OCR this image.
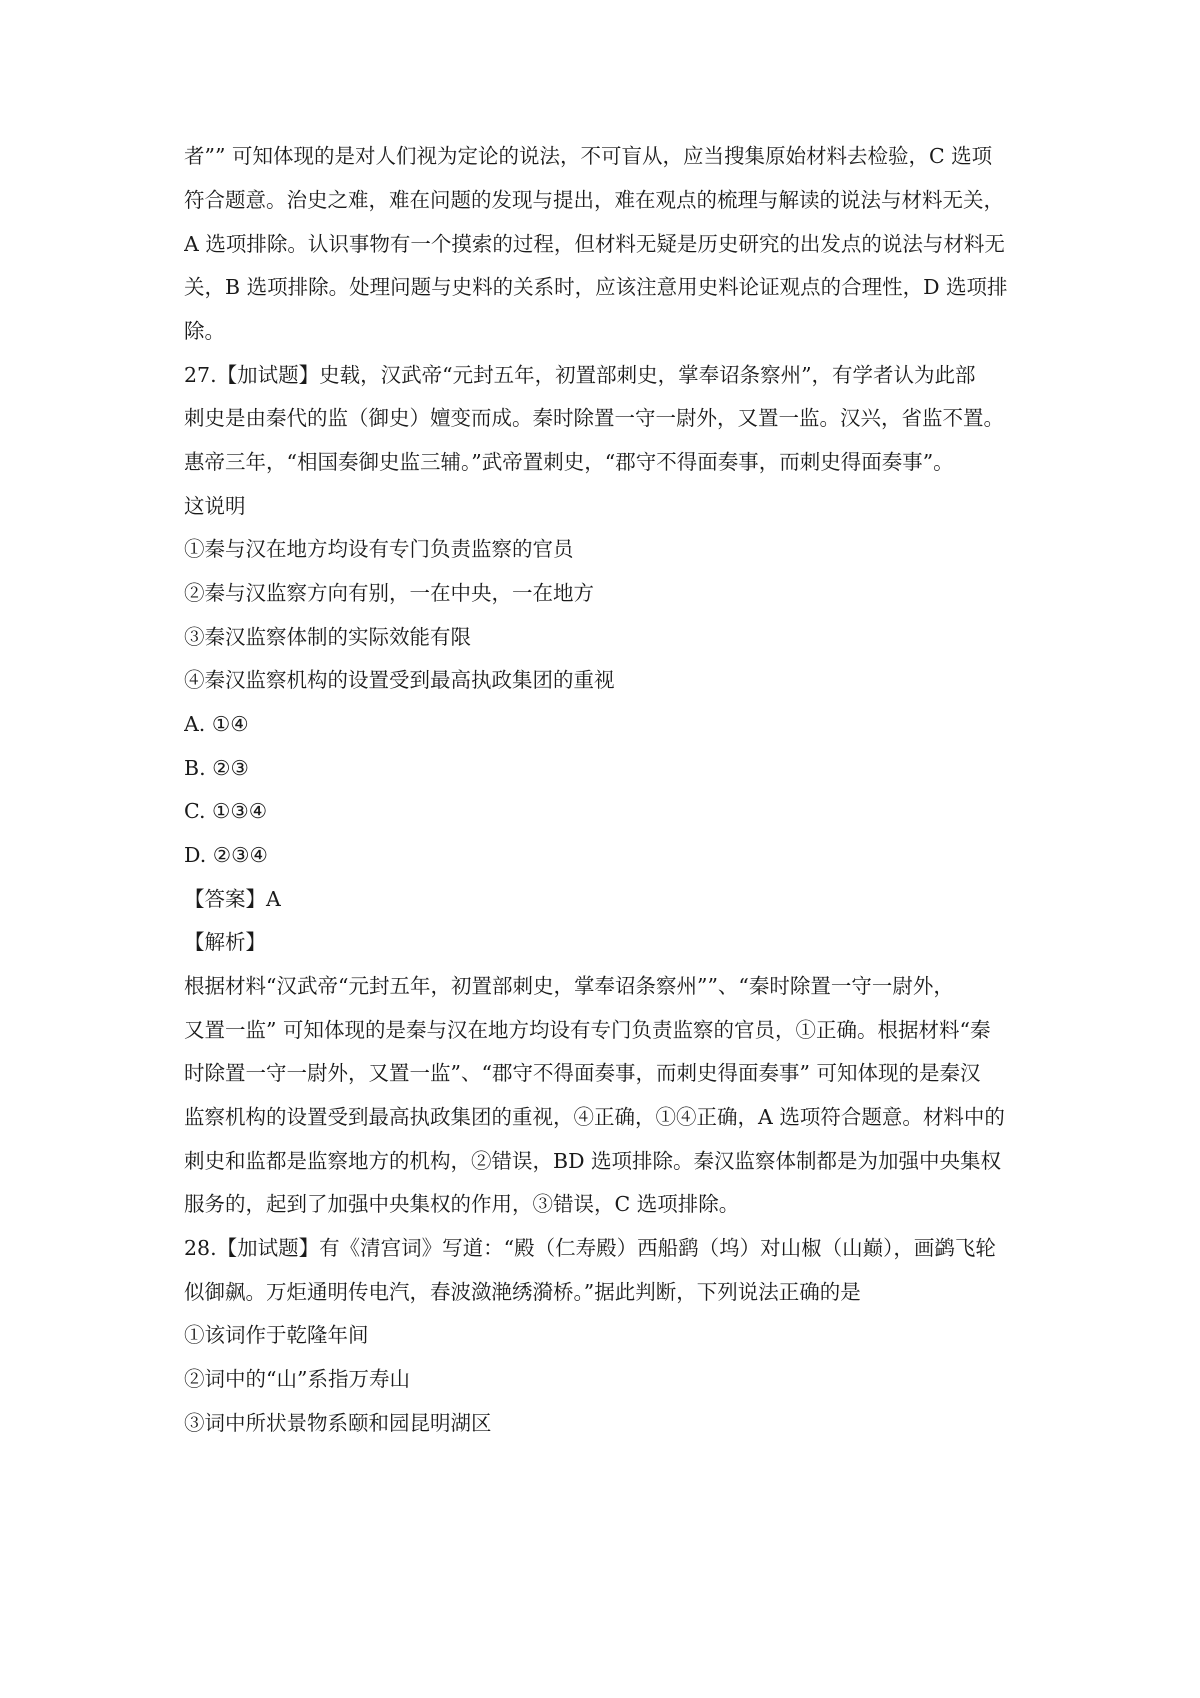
者”” 可知体现的是对人们视为定论的说法，不可盲从，应当搜集原始材料去检验，C 选项
符合题意。治史之难，难在问题的发现与提出，难在观点的梳理与解读的说法与材料无关，
A 选项排除。认识事物有一个摸索的过程，但材料无疑是历史研究的出发点的说法与材料无
关，B 选项排除。处理问题与史料的关系时，应该注意用史料论证观点的合理性，D 选项排
除。
27.【加试题】史载，汉武帝“元封五年，初置部刺史，掌奉诏条察州”，有学者认为此部
刺史是由秦代的监（御史）嬗变而成。秦时除置一守一尉外，又置一监。汉兴，省监不置。
惠帝三年，“相国奏御史监三辅。”武帝置刺史，“郡守不得面奏事，而刺史得面奏事”。
这说明
①秦与汉在地方均设有专门负责监察的官员
②秦与汉监察方向有别，一在中央，一在地方
③秦汉监察体制的实际效能有限
④秦汉监察机构的设置受到最高执政集团的重视
A. ①④
B. ②③
C. ①③④
D. ②③④
【答案】A
【解析】
根据材料“汉武帝“元封五年，初置部刺史，掌奉诏条察州””、“秦时除置一守一尉外，
又置一监” 可知体现的是秦与汉在地方均设有专门负责监察的官员，①正确。根据材料“秦
时除置一守一尉外，又置一监”、“郡守不得面奏事，而刺史得面奏事” 可知体现的是秦汉
监察机构的设置受到最高执政集团的重视，④正确，①④正确，A 选项符合题意。材料中的
刺史和监都是监察地方的机构，②错误，BD 选项排除。秦汉监察体制都是为加强中央集权
服务的，起到了加强中央集权的作用，③错误，C 选项排除。
28.【加试题】有《清宫词》写道：“殿（仁寿殿）西船鹞（坞）对山椒（山巅），画鹢飞轮
似御飙。万炬通明传电汽，春波潋滟绣漪桥。”据此判断，下列说法正确的是
①该词作于乾隆年间
②词中的“山”系指万寿山
③词中所状景物系颐和园昆明湖区
